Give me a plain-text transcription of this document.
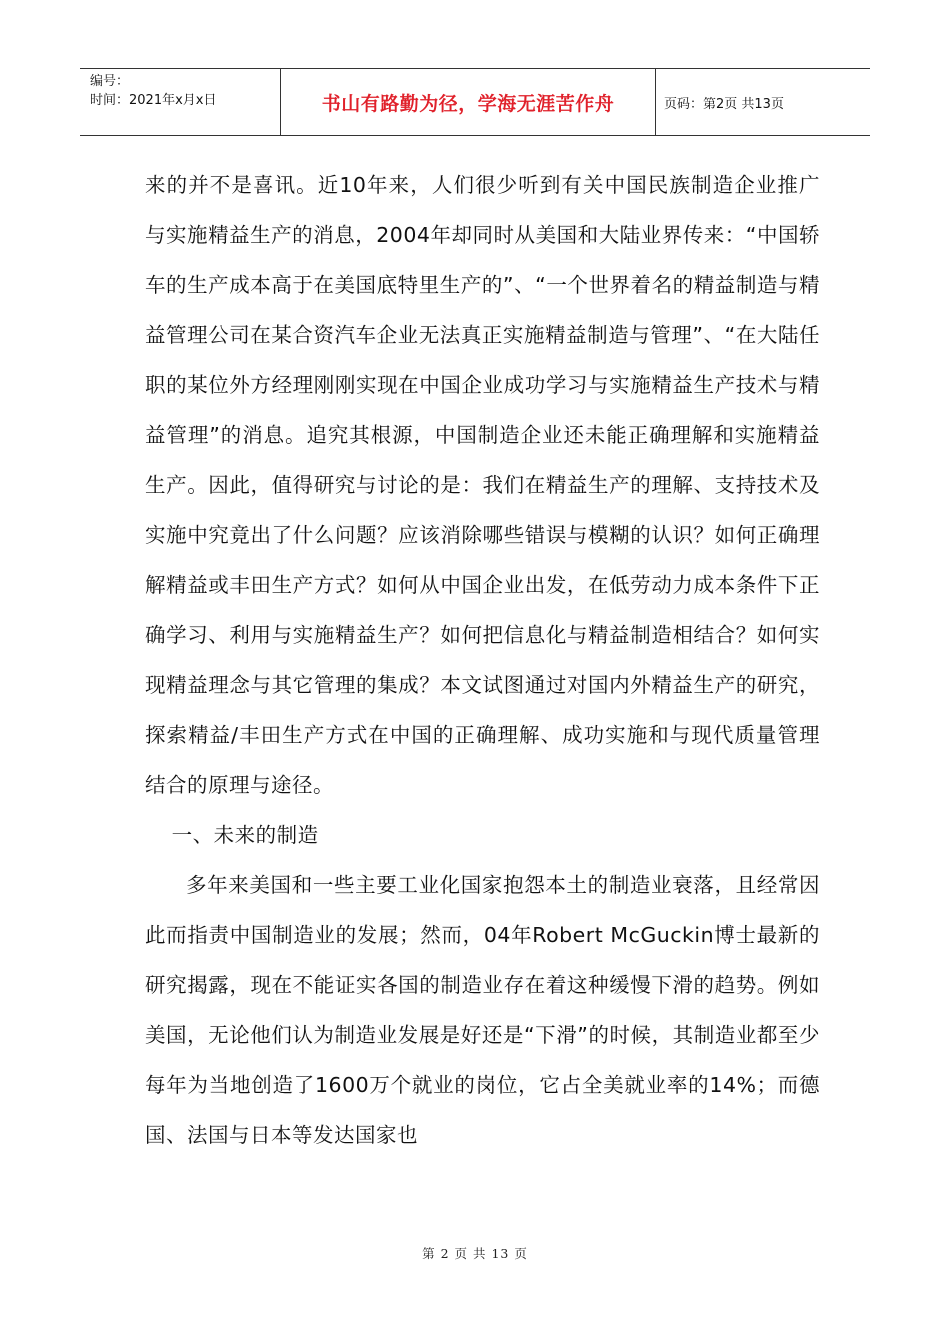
编号：
时间：2021年x月x日	书山有路勤为径，学海无涯苦作舟	页码：第2页 共13页

来的并不是喜讯。近10年来，人们很少听到有关中国民族制造企业推广与实施精益生产的消息，2004年却同时从美国和大陆业界传来：“中国轿车的生产成本高于在美国底特里生产的”、“一个世界着名的精益制造与精益管理公司在某合资汽车企业无法真正实施精益制造与管理”、“在大陆任职的某位外方经理刚刚实现在中国企业成功学习与实施精益生产技术与精益管理”的消息。追究其根源，中国制造企业还未能正确理解和实施精益生产。因此，值得研究与讨论的是：我们在精益生产的理解、支持技术及实施中究竟出了什么问题？应该消除哪些错误与模糊的认识？如何正确理解精益或丰田生产方式？如何从中国企业出发，在低劳动力成本条件下正确学习、利用与实施精益生产？如何把信息化与精益制造相结合？如何实现精益理念与其它管理的集成？本文试图通过对国内外精益生产的研究，探索精益/丰田生产方式在中国的正确理解、成功实施和与现代质量管理结合的原理与途径。

一、未来的制造

多年来美国和一些主要工业化国家抱怨本土的制造业衰落，且经常因此而指责中国制造业的发展；然而，04年Robert McGuckin博士最新的研究揭露，现在不能证实各国的制造业存在着这种缓慢下滑的趋势。例如美国，无论他们认为制造业发展是好还是“下滑”的时候，其制造业都至少每年为当地创造了1600万个就业的岗位，它占全美就业率的14%；而德国、法国与日本等发达国家也

第 2 页 共 13 页
